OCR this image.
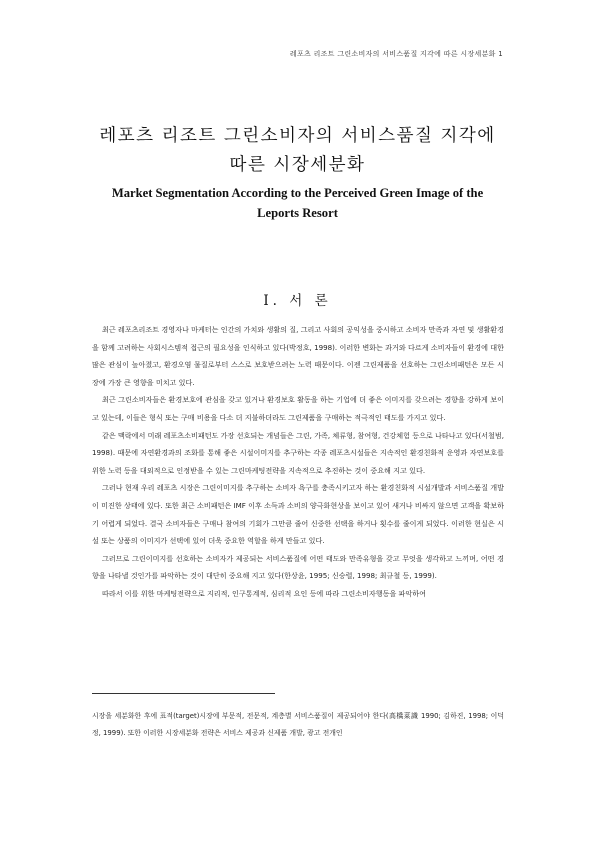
레포츠 리조트 그린소비자의 서비스품질 지각에 따른 시장세분화 1
레포츠 리조트 그린소비자의 서비스품질 지각에
따른 시장세분화
Market Segmentation According to the Perceived Green Image of the Leports Resort
Ⅰ. 서 론

최근 레포츠리조트 경영자나 마케터는 인간의 가치와 생활의 질, 그리고 사회의 공익성을 중시하고 소비자 만족과 자연 및 생활환경을 함께 고려하는 사회시스템적 접근의 필요성을 인식하고 있다(박정호, 1998). 이러한 변화는 과거와 다르게 소비자들이 환경에 대한 많은 관심이 높아졌고, 환경오염 물질로부터 스스로 보호받으려는 노력 때문이다. 이젠 그린제품을 선호하는 그린소비패턴은 모든 시장에 가장 큰 영향을 미치고 있다.

최근 그린소비자들은 환경보호에 관심을 갖고 있거나 환경보호 활동을 하는 기업에 더 좋은 이미지를 갖으려는 경향을 강하게 보이고 있는데, 이들은 형식 또는 구매 비용을 다소 더 지불하더라도 그린제품을 구매하는 적극적인 태도를 가지고 있다.

같은 맥락에서 미래 레포츠소비패턴도 가장 선호되는 개념들은 그린, 가족, 체류형, 참여형, 건강체험 등으로 나타나고 있다(서철범, 1998). 때문에 자연환경과의 조화를 통해 좋은 시설이미지를 추구하는 각종 레포츠시설들은 지속적인 환경친화적 운영과 자연보호를 위한 노력 등을 대외적으로 인정받을 수 있는 그린마케팅전략을 지속적으로 추진하는 것이 중요해 지고 있다.

그러나 현재 우리 레포츠 시장은 그린이미지를 추구하는 소비자 욕구를 충족시키고자 하는 환경친화적 시설개발과 서비스품질 개발이 미진한 상태에 있다. 또한 최근 소비패턴은 IMF 이후 소득과 소비의 양극화현상을 보이고 있어 새거나 비싸지 않으면 고객을 확보하기 어렵게 되었다. 결국 소비자들은 구매나 참여의 기회가 그만큼 줄어 신중한 선택을 하거나 횟수를 줄이게 되었다. 이러한 현실은 시설 또는 상품의 이미지가 선택에 있어 더욱 중요한 역할을 하게 만들고 있다.

그러므로 그린이미지를 선호하는 소비자가 제공되는 서비스품질에 어떤 태도와 만족유형을 갖고 무엇을 생각하고 느끼며, 어떤 경향을 나타낼 것인가를 파악하는 것이 대단히 중요해 지고 있다(한상윤, 1995; 신승렬, 1998; 최규철 등, 1999).

따라서 이를 위한 마케팅전략으로 지리적, 인구통계적, 심리적 요인 등에 따라 그린소비자행동을 파악하여

시장을 세분화한 후에 표적(target)시장에 부문적, 전문적, 계층별 서비스품질이 제공되어야 한다(高橋菜識 1990; 김하진, 1998; 이덕정, 1999). 또한 이러한 시장세분화 전략은 서비스 제공과 신제품 개발, 광고 전개인
